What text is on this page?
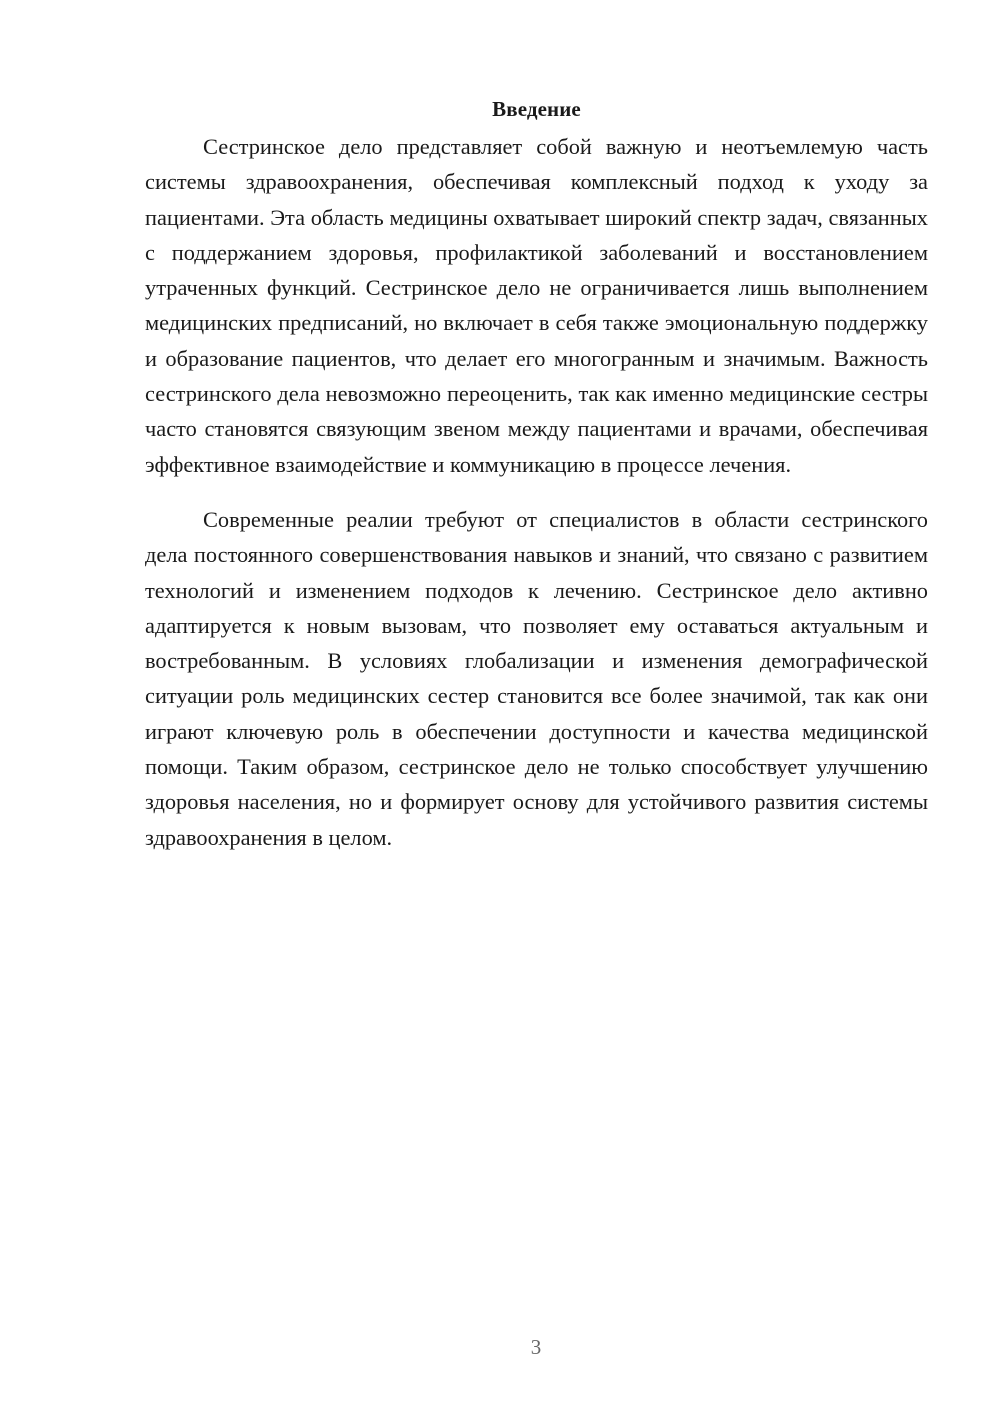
Введение

Сестринское дело представляет собой важную и неотъемлемую часть системы здравоохранения, обеспечивая комплексный подход к уходу за пациентами. Эта область медицины охватывает широкий спектр задач, связанных с поддержанием здоровья, профилактикой заболеваний и восстановлением утраченных функций. Сестринское дело не ограничивается лишь выполнением медицинских предписаний, но включает в себя также эмоциональную поддержку и образование пациентов, что делает его многогранным и значимым. Важность сестринского дела невозможно переоценить, так как именно медицинские сестры часто становятся связующим звеном между пациентами и врачами, обеспечивая эффективное взаимодействие и коммуникацию в процессе лечения.

Современные реалии требуют от специалистов в области сестринского дела постоянного совершенствования навыков и знаний, что связано с развитием технологий и изменением подходов к лечению. Сестринское дело активно адаптируется к новым вызовам, что позволяет ему оставаться актуальным и востребованным. В условиях глобализации и изменения демографической ситуации роль медицинских сестер становится все более значимой, так как они играют ключевую роль в обеспечении доступности и качества медицинской помощи. Таким образом, сестринское дело не только способствует улучшению здоровья населения, но и формирует основу для устойчивого развития системы здравоохранения в целом.

3
